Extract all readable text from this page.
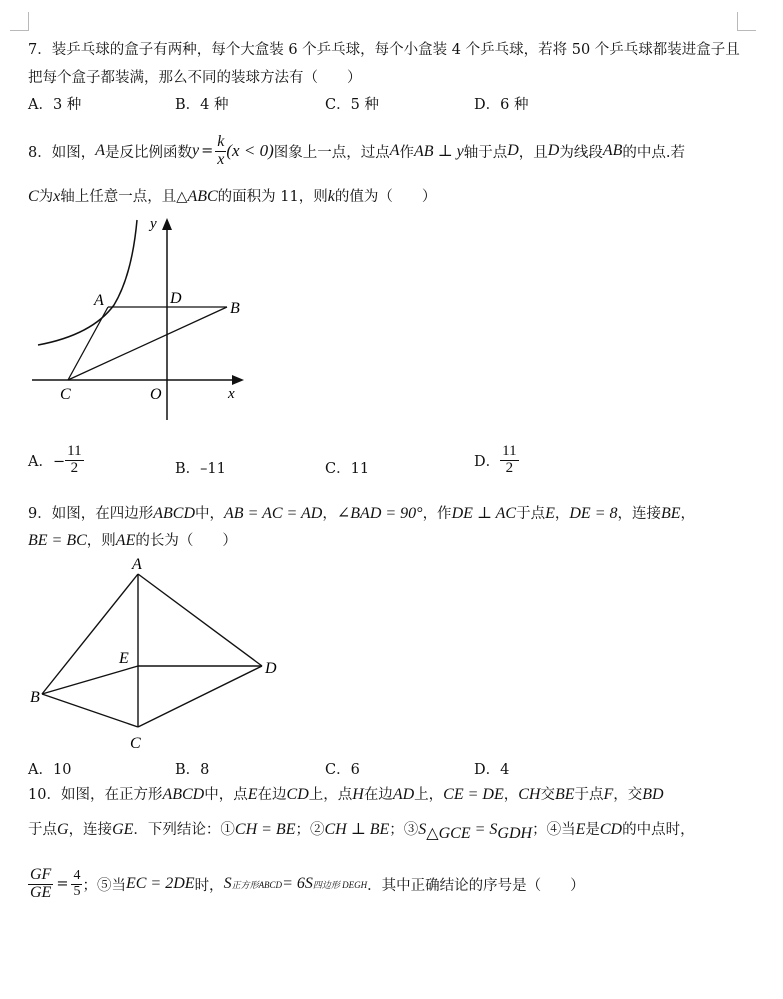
7．装乒乓球的盒子有两种，每个大盒装 6 个乒乓球，每个小盒装 4 个乒乓球，若将 50 个乒乓球都装进盒子且
把每个盒子都装满，那么不同的装球方法有（　　）
A．3 种	B．4 种	C．5 种	D．6 种
8．如图， A 是反比例函数 $y = \frac{k}{x} (x < 0)$ 图象上一点，过点 A 作 AB ⊥ y 轴于点 D ，且 D 为线段 AB 的中点.若
C为x轴上任意一点，且△ABC的面积为 11，则k的值为（　　）
y
x
A	D
B
C	O
A．− $\frac{11}{2}$	B．–11	C．11	D． $\frac{11}{2}$
9．如图，在四边形ABCD中，AB = AC = AD，∠BAD = 90°，作DE ⊥ AC于点E，DE = 8，连接BE，
BE = BC，则AE的长为（　　）
A
B
C
D
E
A．10	B．8	C．6	D．4
10．如图，在正方形ABCD中，点E在边CD上，点H在边AD上，CE = DE，CH交BE于点F，交BD
于点G，连接GE．下列结论：①CH = BE；②CH ⊥ BE；$③S_{\triangle GCE} = S_{GDH}$；④当E是CD的中点时，
$\frac{GF}{GE} = \frac{4}{5}$ ；⑤当 EC = 2DE 时， S 正方形ABCD = 6S 四边形 DEGH ．其中正确结论的序号是（　　）
